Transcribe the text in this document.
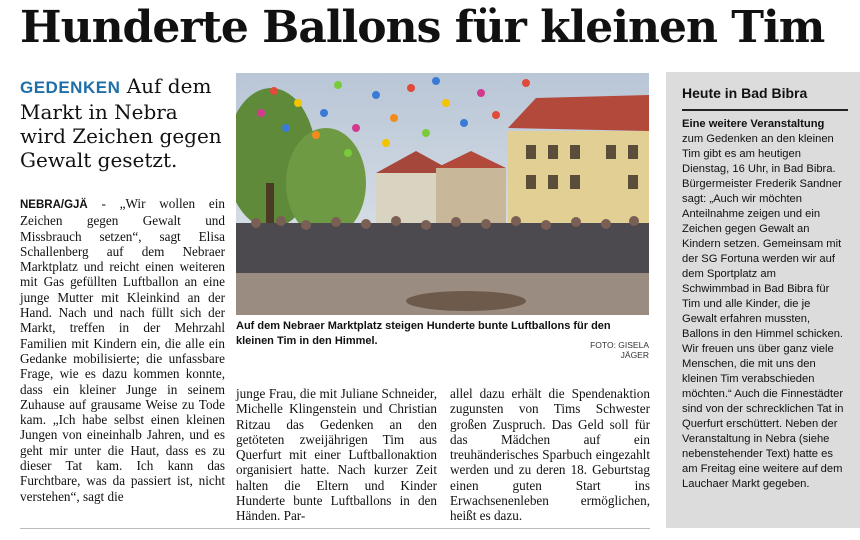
Hunderte Ballons für kleinen Tim

GEDENKEN Auf dem Markt in Nebra wird Zeichen gegen Gewalt gesetzt.

NEBRA/GJÄ - „Wir wollen ein Zeichen gegen Gewalt und Missbrauch setzen“, sagt Elisa Schallenberg auf dem Nebraer Marktplatz und reicht einen weiteren mit Gas gefüllten Luftballon an eine junge Mutter mit Kleinkind an der Hand. Nach und nach füllt sich der Markt, treffen in der Mehrzahl Familien mit Kindern ein, die alle ein Gedanke mobilisierte; die unfassbare Frage, wie es dazu kommen konnte, dass ein kleiner Junge in seinem Zuhause auf grausame Weise zu Tode kam. „Ich habe selbst einen kleinen Jungen von eineinhalb Jahren, und es geht mir unter die Haut, dass es zu dieser Tat kam. Ich kann das Furchtbare, was da passiert ist, nicht verstehen“, sagt die

Auf dem Nebraer Marktplatz steigen Hunderte bunte Luftballons für den kleinen Tim in den Himmel.	FOTO: GISELA JÄGER

junge Frau, die mit Juliane Schneider, Michelle Klingenstein und Christian Ritzau das Gedenken an den getöteten zweijährigen Tim aus Querfurt mit einer Luftballonaktion organisiert hatte. Nach kurzer Zeit halten die Eltern und Kinder Hunderte bunte Luftballons in den Händen. Par-

allel dazu erhält die Spendenaktion zugunsten von Tims Schwester großen Zuspruch. Das Geld soll für das Mädchen auf ein treuhänderisches Sparbuch eingezahlt werden und zu deren 18. Geburtstag einen guten Start ins Erwachsenenleben ermöglichen, heißt es dazu.

Heute in Bad Bibra

Eine weitere Veranstaltung
zum Gedenken an den kleinen Tim gibt es am heutigen Dienstag, 16 Uhr, in Bad Bibra. Bürgermeister Frederik Sandner sagt: „Auch wir möchten Anteilnahme zeigen und ein Zeichen gegen Gewalt an Kindern setzen. Gemeinsam mit der SG Fortuna werden wir auf dem Sportplatz am Schwimmbad in Bad Bibra für Tim und alle Kinder, die je Gewalt erfahren mussten, Ballons in den Himmel schicken. Wir freuen uns über ganz viele Menschen, die mit uns den kleinen Tim verabschieden möchten.“ Auch die Finnestädter sind von der schrecklichen Tat in Querfurt erschüttert. Neben der Veranstaltung in Nebra (siehe nebenstehender Text) hatte es am Freitag eine weitere auf dem Lauchaer Markt gegeben.
